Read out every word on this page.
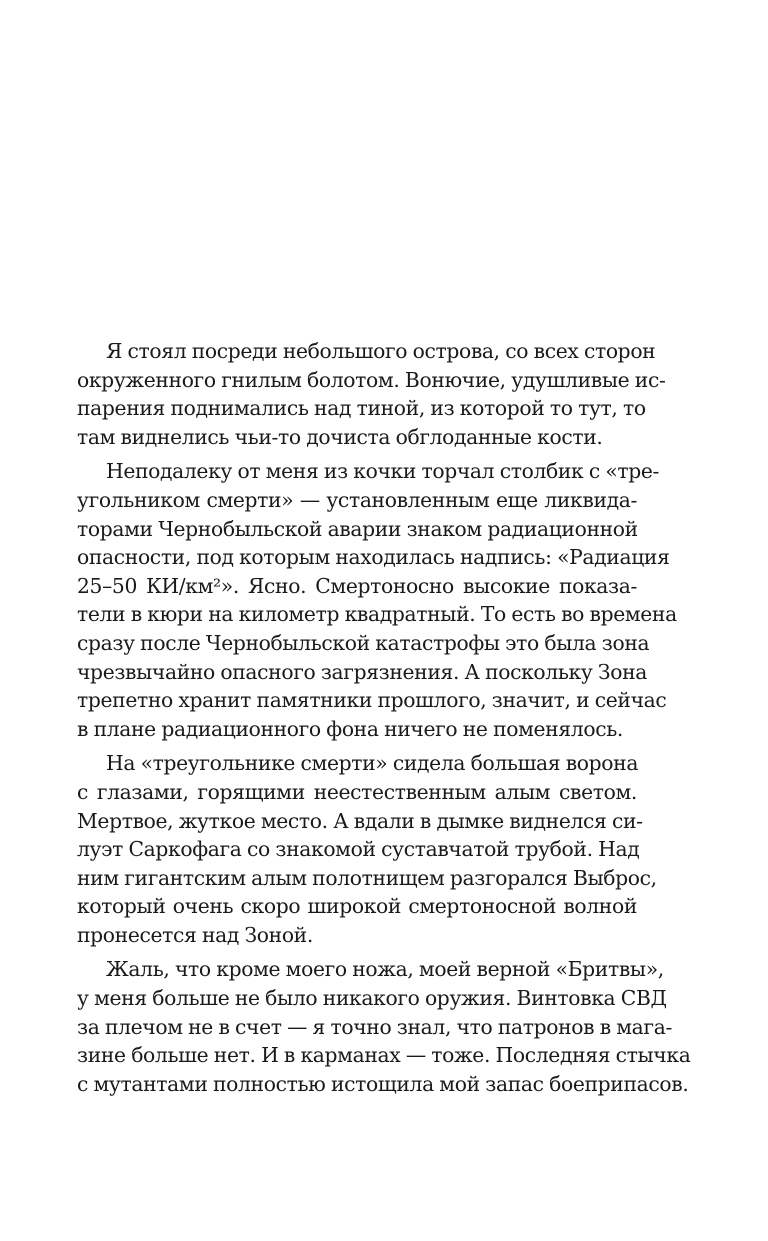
Я стоял посреди небольшого острова, со всех сторон
окруженного гнилым болотом. Вонючие, удушливые ис-
парения поднимались над тиной, из которой то тут, то
там виднелись чьи-то дочиста обглоданные кости.
Неподалеку от меня из кочки торчал столбик с «тре-
угольником смерти» — установленным еще ликвида-
торами Чернобыльской аварии знаком радиационной
опасности, под которым находилась надпись: «Радиация
25–50 КИ/км²». Ясно. Смертоносно высокие показа-
тели в кюри на километр квадратный. То есть во времена
сразу после Чернобыльской катастрофы это была зона
чрезвычайно опасного загрязнения. А поскольку Зона
трепетно хранит памятники прошлого, значит, и сейчас
в плане радиационного фона ничего не поменялось.
На «треугольнике смерти» сидела большая ворона
с глазами, горящими неестественным алым светом.
Мертвое, жуткое место. А вдали в дымке виднелся си-
луэт Саркофага со знакомой суставчатой трубой. Над
ним гигантским алым полотнищем разгорался Выброс,
который очень скоро широкой смертоносной волной
пронесется над Зоной.
Жаль, что кроме моего ножа, моей верной «Бритвы»,
у меня больше не было никакого оружия. Винтовка СВД
за плечом не в счет — я точно знал, что патронов в мага-
зине больше нет. И в карманах — тоже. Последняя стычка
с мутантами полностью истощила мой запас боеприпасов.
